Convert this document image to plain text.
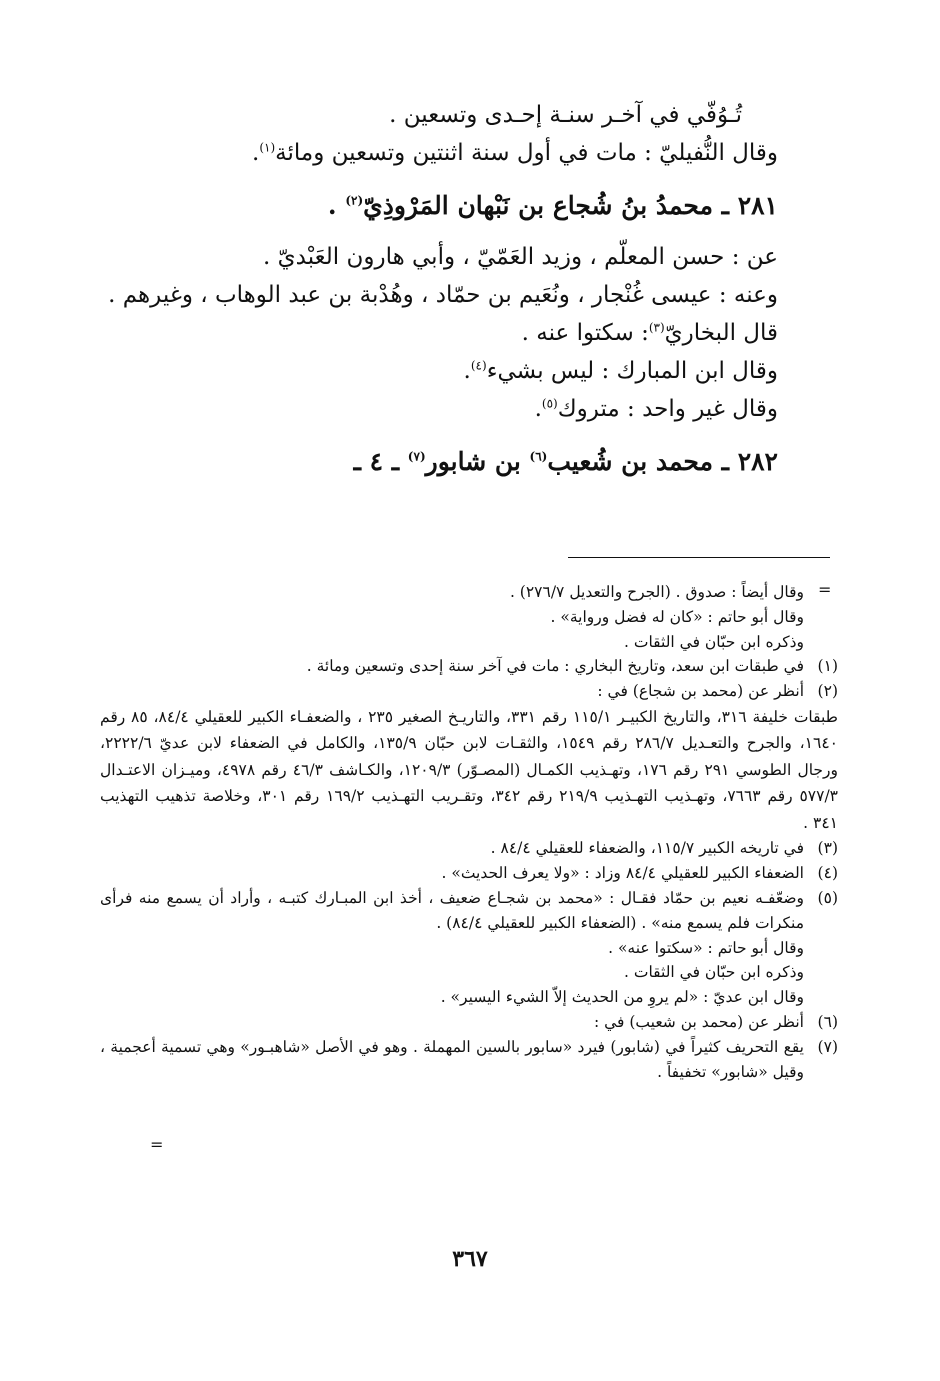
تُـوُفّي في آخـر سنـة إحـدى وتسعين .
وقال النُّفيليّ : مات في أول سنة اثنتين وتسعين ومائة$^{(١)}$.
٢٨١ ـ محمدُ بنُ شُجاع بن نَبْهان المَرْوذِيّ$^{(٢)}$ .
عن : حسن المعلّم ، وزيد العَمّيّ ، وأبي هارون العَبْديّ .
وعنه : عيسى غُنْجار ، ونُعَيم بن حمّاد ، وهُدْبة بن عبد الوهاب ، وغيرهم .
قال البخاريّ$^{(٣)}$: سكتوا عنه .
وقال ابن المبارك : ليس بشيء$^{(٤)}$.
وقال غير واحد : متروك$^{(٥)}$.
٢٨٢ ـ محمد بن شُعيب$^{(٦)}$ بن شابور$^{(٧)}$ ـ ٤ ـ
=
وقال أيضاً : صدوق . (الجرح والتعديل ٢٧٦/٧) .
وقال أبو حاتم : «كان له فضل ورواية» .
وذكره ابن حبّان في الثقات .
(١)
في طبقات ابن سعد، وتاريخ البخاري : مات في آخر سنة إحدى وتسعين ومائة .
(٢)
أنظر عن (محمد بن شجاع) في :
طبقات خليفة ٣١٦، والتاريخ الكبيـر ١١٥/١ رقم ٣٣١، والتاريـخ الصغير ٢٣٥ ، والضعفـاء الكبير للعقيلي ٨٤/٤، ٨٥ رقم ١٦٤٠، والجرح والتعـديل ٢٨٦/٧ رقم ١٥٤٩، والثقـات لابن حبّان ١٣٥/٩، والكامل في الضعفاء لابن عديّ ٢٢٢٢/٦، ورجال الطوسي ٢٩١ رقم ١٧٦، وتهـذيب الكمـال (المصـوّر) ١٢٠٩/٣، والكـاشف ٤٦/٣ رقم ٤٩٧٨، وميـزان الاعتـدال ٥٧٧/٣ رقم ٧٦٦٣، وتهـذيب التهـذيب ٢١٩/٩ رقم ٣٤٢، وتقـريب التهـذيب ١٦٩/٢ رقم ٣٠١، وخلاصة تذهيب التهذيب ٣٤١ .
(٣)
في تاريخه الكبير ١١٥/٧، والضعفاء للعقيلي ٨٤/٤ .
(٤)
الضعفاء الكبير للعقيلي ٨٤/٤ وزاد : «ولا يعرف الحديث» .
(٥)
وضعّفـه نعيم بن حمّاد فقـال : «محمد بن شجـاع ضعيف ، أخذ ابن المبـارك كتبـه ، وأراد أن يسمع منه فرأى منكرات فلم يسمع منه» . (الضعفاء الكبير للعقيلي ٨٤/٤) .
وقال أبو حاتم : «سكتوا عنه» .
وذكره ابن حبّان في الثقات .
وقال ابن عديّ : «لم يروِ من الحديث إلاّ الشيء اليسير» .
(٦)
أنظر عن (محمد بن شعيب) في :
(٧)
يقع التحريف كثيراً في (شابور) فيرد «سابور بالسين المهملة . وهو في الأصل «شاهبـور» وهي تسمية أعجمية ، وقيل «شابور» تخفيفاً .
=
٣٦٧
